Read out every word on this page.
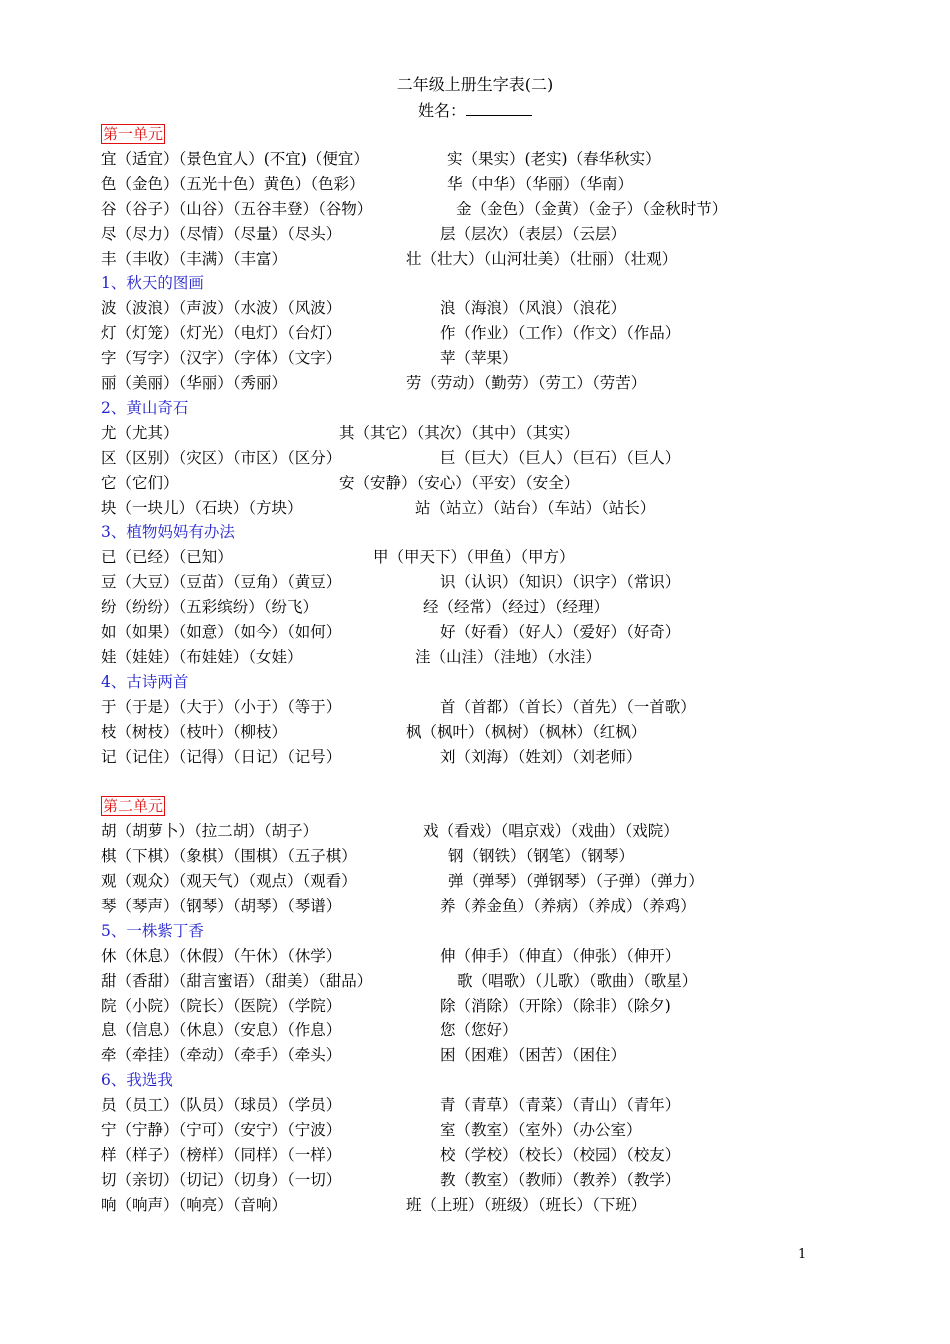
二年级上册生字表(二)
姓名：
第一单元
宜（适宜）（景色宜人）(不宜)（便宜）	实（果实）(老实)（春华秋实）
色（金色）（五光十色）黄色）（色彩）	华（中华）（华丽）（华南）
谷（谷子）（山谷）（五谷丰登）（谷物）	金（金色）（金黄）（金子）（金秋时节）
尽（尽力）（尽情）（尽量）（尽头）	层（层次）（表层）（云层）
丰（丰收）（丰满）（丰富）	壮（壮大）（山河壮美）（壮丽）（壮观）
1、秋天的图画
波（波浪）（声波）（水波）（风波）	浪（海浪）（风浪）（浪花）
灯（灯笼）（灯光）（电灯）（台灯）	作（作业）（工作）（作文）（作品）
字（写字）（汉字）（字体）（文字）	苹（苹果）
丽（美丽）（华丽）（秀丽）	劳（劳动）（勤劳）（劳工）（劳苦）
2、黄山奇石
尤（尤其）	其（其它）（其次）（其中）（其实）
区（区别）（灾区）（市区）（区分）	巨（巨大）（巨人）（巨石）（巨人）
它（它们）	安（安静）（安心）（平安）（安全）
块（一块儿）（石块）（方块）	站（站立）（站台）（车站）（站长）
3、植物妈妈有办法
已（已经）（已知）	甲（甲天下）（甲鱼）（甲方）
豆（大豆）（豆苗）（豆角）（黄豆）	识（认识）（知识）（识字）（常识）
纷（纷纷）（五彩缤纷）（纷飞）	经（经常）（经过）（经理）
如（如果）（如意）（如今）（如何）	好（好看）（好人）（爱好）（好奇）
娃（娃娃）（布娃娃）（女娃）	洼（山洼）（洼地）（水洼）
4、古诗两首
于（于是）（大于）（小于）（等于）	首（首都）（首长）（首先）（一首歌）
枝（树枝）（枝叶）（柳枝）	枫（枫叶）（枫树）（枫林）（红枫）
记（记住）（记得）（日记）（记号）	刘（刘海）（姓刘）（刘老师）
第二单元
胡（胡萝卜）（拉二胡）（胡子）	戏（看戏）（唱京戏）（戏曲）（戏院）
棋（下棋）（象棋）（围棋）（五子棋）	钢（钢铁）（钢笔）（钢琴）
观（观众）（观天气）（观点）（观看）	弹（弹琴）（弹钢琴）（子弹）（弹力）
琴（琴声）（钢琴）（胡琴）（琴谱）	养（养金鱼）（养病）（养成）（养鸡）
5、一株紫丁香
休（休息）（休假）（午休）（休学）	伸（伸手）（伸直）（伸张）（伸开）
甜（香甜）（甜言蜜语）（甜美）（甜品）	歌（唱歌）（儿歌）（歌曲）（歌星）
院（小院）（院长）（医院）（学院）	除（消除）（开除）（除非）（除夕)
息（信息）（休息）（安息）（作息）	您（您好）
牵（牵挂）（牵动）（牵手）（牵头）	困（困难）（困苦）（困住）
6、我选我
员（员工）（队员）（球员）（学员）	青（青草）（青菜）（青山）（青年）
宁（宁静）（宁可）（安宁）（宁波）	室（教室）（室外）（办公室）
样（样子）（榜样）（同样）（一样）	校（学校）（校长）（校园）（校友）
切（亲切）（切记）（切身）（一切）	教（教室）（教师）（教养）（教学）
响（响声）（响亮）（音响）	班（上班）（班级）（班长）（下班）
1
